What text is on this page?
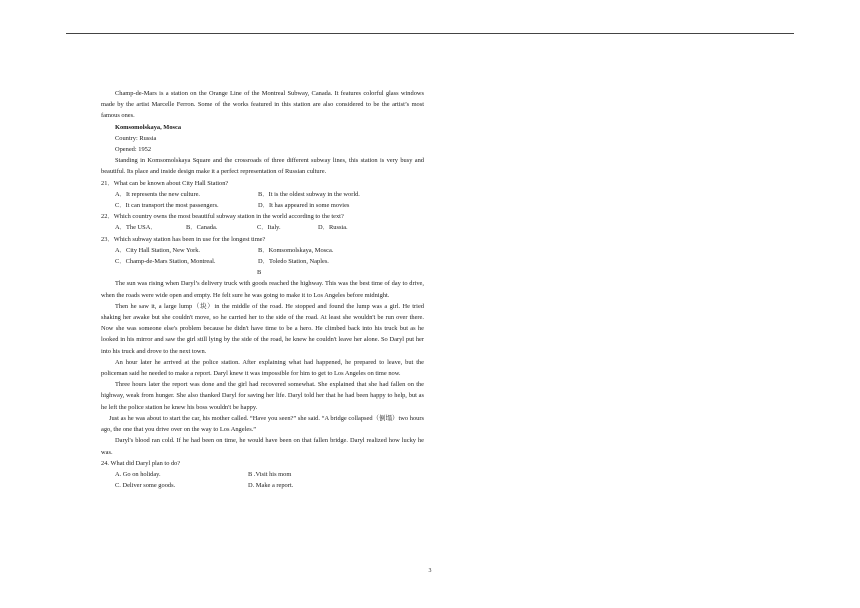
Champ-de-Mars is a station on the Orange Line of the Montreal Subway, Canada. It features colorful glass windows made by the artist Marcelle Ferron. Some of the works featured in this station are also considered to be the artist’s most famous ones.
Komsomolskaya, Mosca
Country: Russia
Opened: 1952
Standing in Komsomolskaya Square and the crossroads of three different subway lines, this station is very busy and beautiful. Its place and inside design make it a perfect representation of Russian culture.
21．What can be known about City Hall Station?
A．It represents the new culture.	B．It is the oldest subway in the world.
C．It can transport the most passengers.	D．It has appeared in some movies
22．Which country owns the most beautiful subway station in the world according to the text?
A．The USA．	B．Canada.	C．Italy.	D．Russia.
23．Which subway station has been in use for the longest time?
A．City Hall Station, New York.	B．Komsomolskaya, Mosca.
C．Champ-de-Mars Station, Montreal.	D．Toledo Station, Naples.
B
The sun was rising when Daryl’s delivery truck with goods reached the highway. This was the best time of day to drive, when the roads were wide open and empty. He felt sure he was going to make it to Los Angeles before midnight.
Then he saw it, a large lump（块）in the middle of the road. He stopped and found the lump was a girl. He tried shaking her awake but she couldn't move, so he carried her to the side of the road. At least she wouldn't be run over there. Now she was someone else's problem because he didn't have time to be a hero. He climbed back into his truck but as he looked in his mirror and saw the girl still lying by the side of the road, he knew he couldn't leave her alone. So Daryl put her into his truck and drove to the next town.
An hour later he arrived at the police station. After explaining what had happened, he prepared to leave, but the policeman said he needed to make a report. Daryl knew it was impossible for him to get to Los Angeles on time now.
Three hours later the report was done and the girl had recovered somewhat. She explained that she had fallen on the highway, weak from hunger. She also thanked Daryl for saving her life. Daryl told her that he had been happy to help, but as he left the police station he knew his boss wouldn't be happy.
Just as he was about to start the car, his mother called. “Have you seen?” she said. “A bridge collapsed（倒塌）two hours ago, the one that you drive over on the way to Los Angeles.”
Daryl's blood ran cold. If he had been on time, he would have been on that fallen bridge. Daryl realized how lucky he was.
24. What did Daryl plan to do?
A. Go on holiday.	B .Visit his mom
C. Deliver some goods.	D. Make a report.
3
